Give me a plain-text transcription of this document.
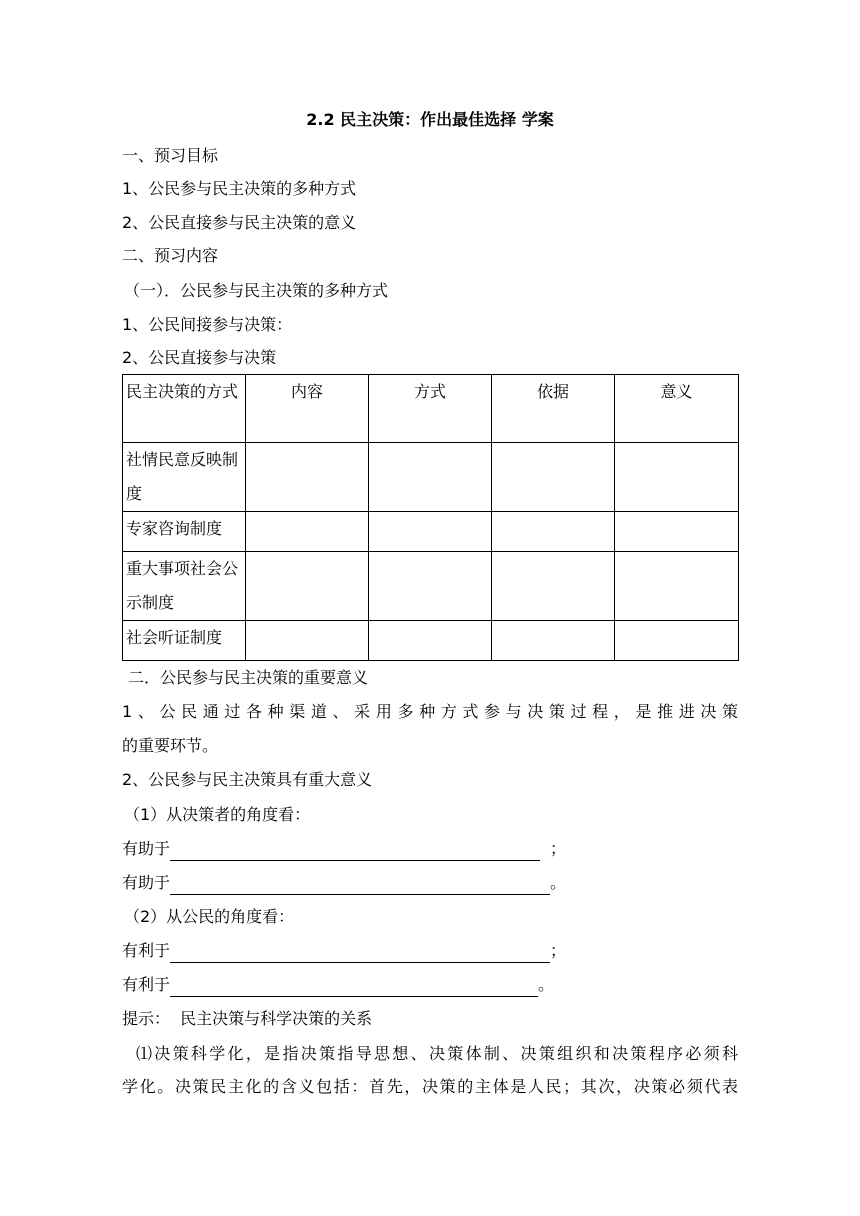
2.2 民主决策：作出最佳选择 学案
一、预习目标
1、公民参与民主决策的多种方式
2、公民直接参与民主决策的意义
二、预习内容
（一）．公民参与民主决策的多种方式
1、公民间接参与决策：
2、公民直接参与决策
民主决策的方式	内容	方式	依据	意义
社情民意反映制度				
专家咨询制度				
重大事项社会公示制度				
社会听证制度				
二．公民参与民主决策的重要意义
1、公民通过各种渠道、采用多种方式参与决策过程，是推进决策
的重要环节。
2、公民参与民主决策具有重大意义
（1）从决策者的角度看：
有助于	；
有助于	。
（2）从公民的角度看：
有利于	；
有利于	。
提示：  民主决策与科学决策的关系
⑴决策科学化，是指决策指导思想、决策体制、决策组织和决策程序必须科
学化。决策民主化的含义包括：首先，决策的主体是人民；其次，决策必须代表
